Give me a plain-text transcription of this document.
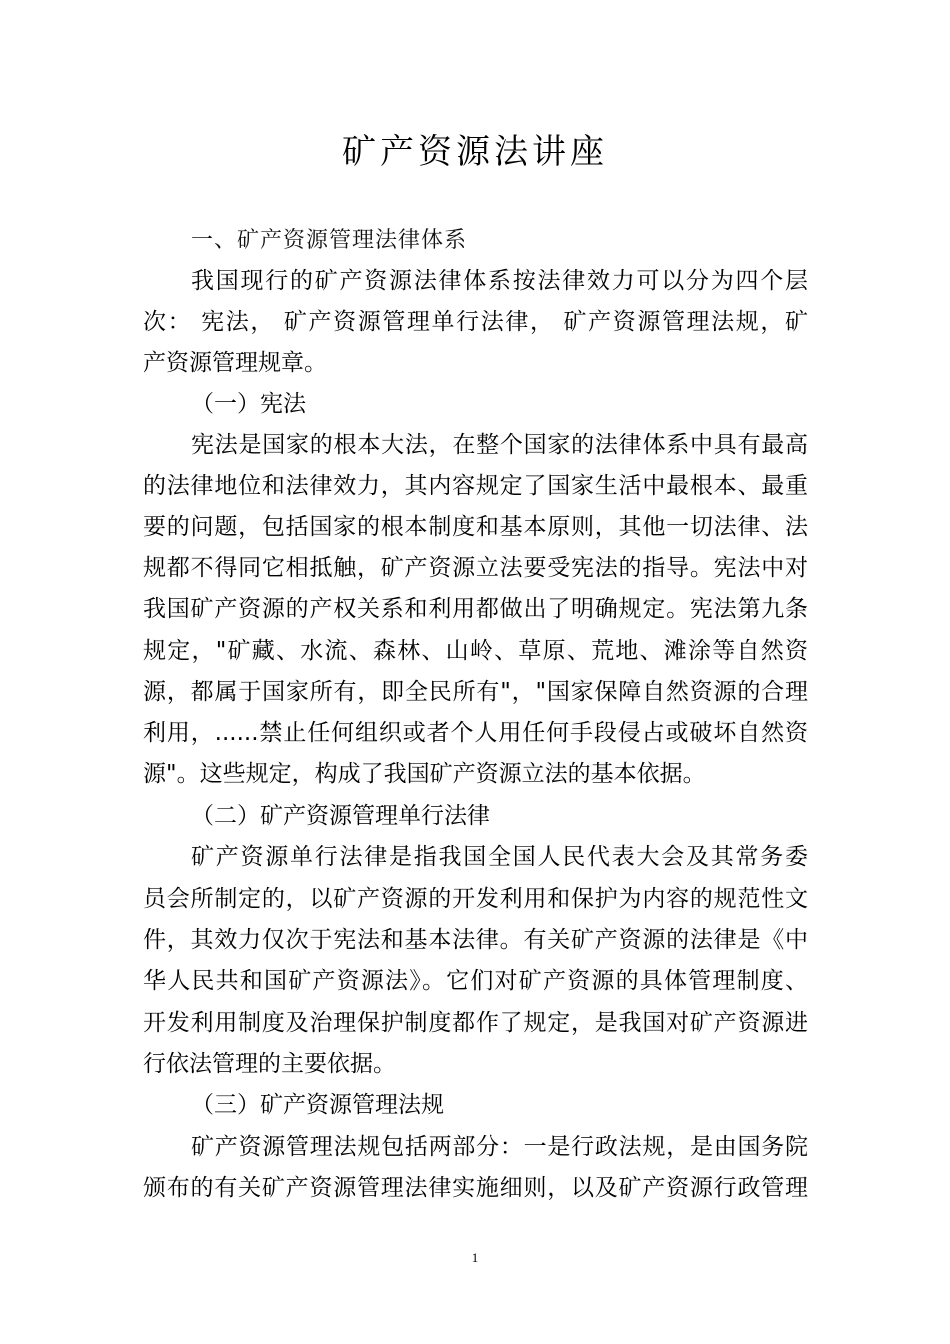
矿产资源法讲座
一、矿产资源管理法律体系
我国现行的矿产资源法律体系按法律效力可以分为四个层
次： 宪法， 矿产资源管理单行法律， 矿产资源管理法规，矿
产资源管理规章。
（一）宪法
宪法是国家的根本大法，在整个国家的法律体系中具有最高
的法律地位和法律效力，其内容规定了国家生活中最根本、最重
要的问题，包括国家的根本制度和基本原则，其他一切法律、法
规都不得同它相抵触，矿产资源立法要受宪法的指导。宪法中对
我国矿产资源的产权关系和利用都做出了明确规定。宪法第九条
规定，"矿藏、水流、森林、山岭、草原、荒地、滩涂等自然资
源，都属于国家所有，即全民所有"，"国家保障自然资源的合理
利用，......禁止任何组织或者个人用任何手段侵占或破坏自然资
源"。这些规定，构成了我国矿产资源立法的基本依据。
（二）矿产资源管理单行法律
矿产资源单行法律是指我国全国人民代表大会及其常务委
员会所制定的，以矿产资源的开发利用和保护为内容的规范性文
件，其效力仅次于宪法和基本法律。有关矿产资源的法律是《中
华人民共和国矿产资源法》。它们对矿产资源的具体管理制度、
开发利用制度及治理保护制度都作了规定，是我国对矿产资源进
行依法管理的主要依据。
（三）矿产资源管理法规
矿产资源管理法规包括两部分：一是行政法规，是由国务院
颁布的有关矿产资源管理法律实施细则，以及矿产资源行政管理
1
